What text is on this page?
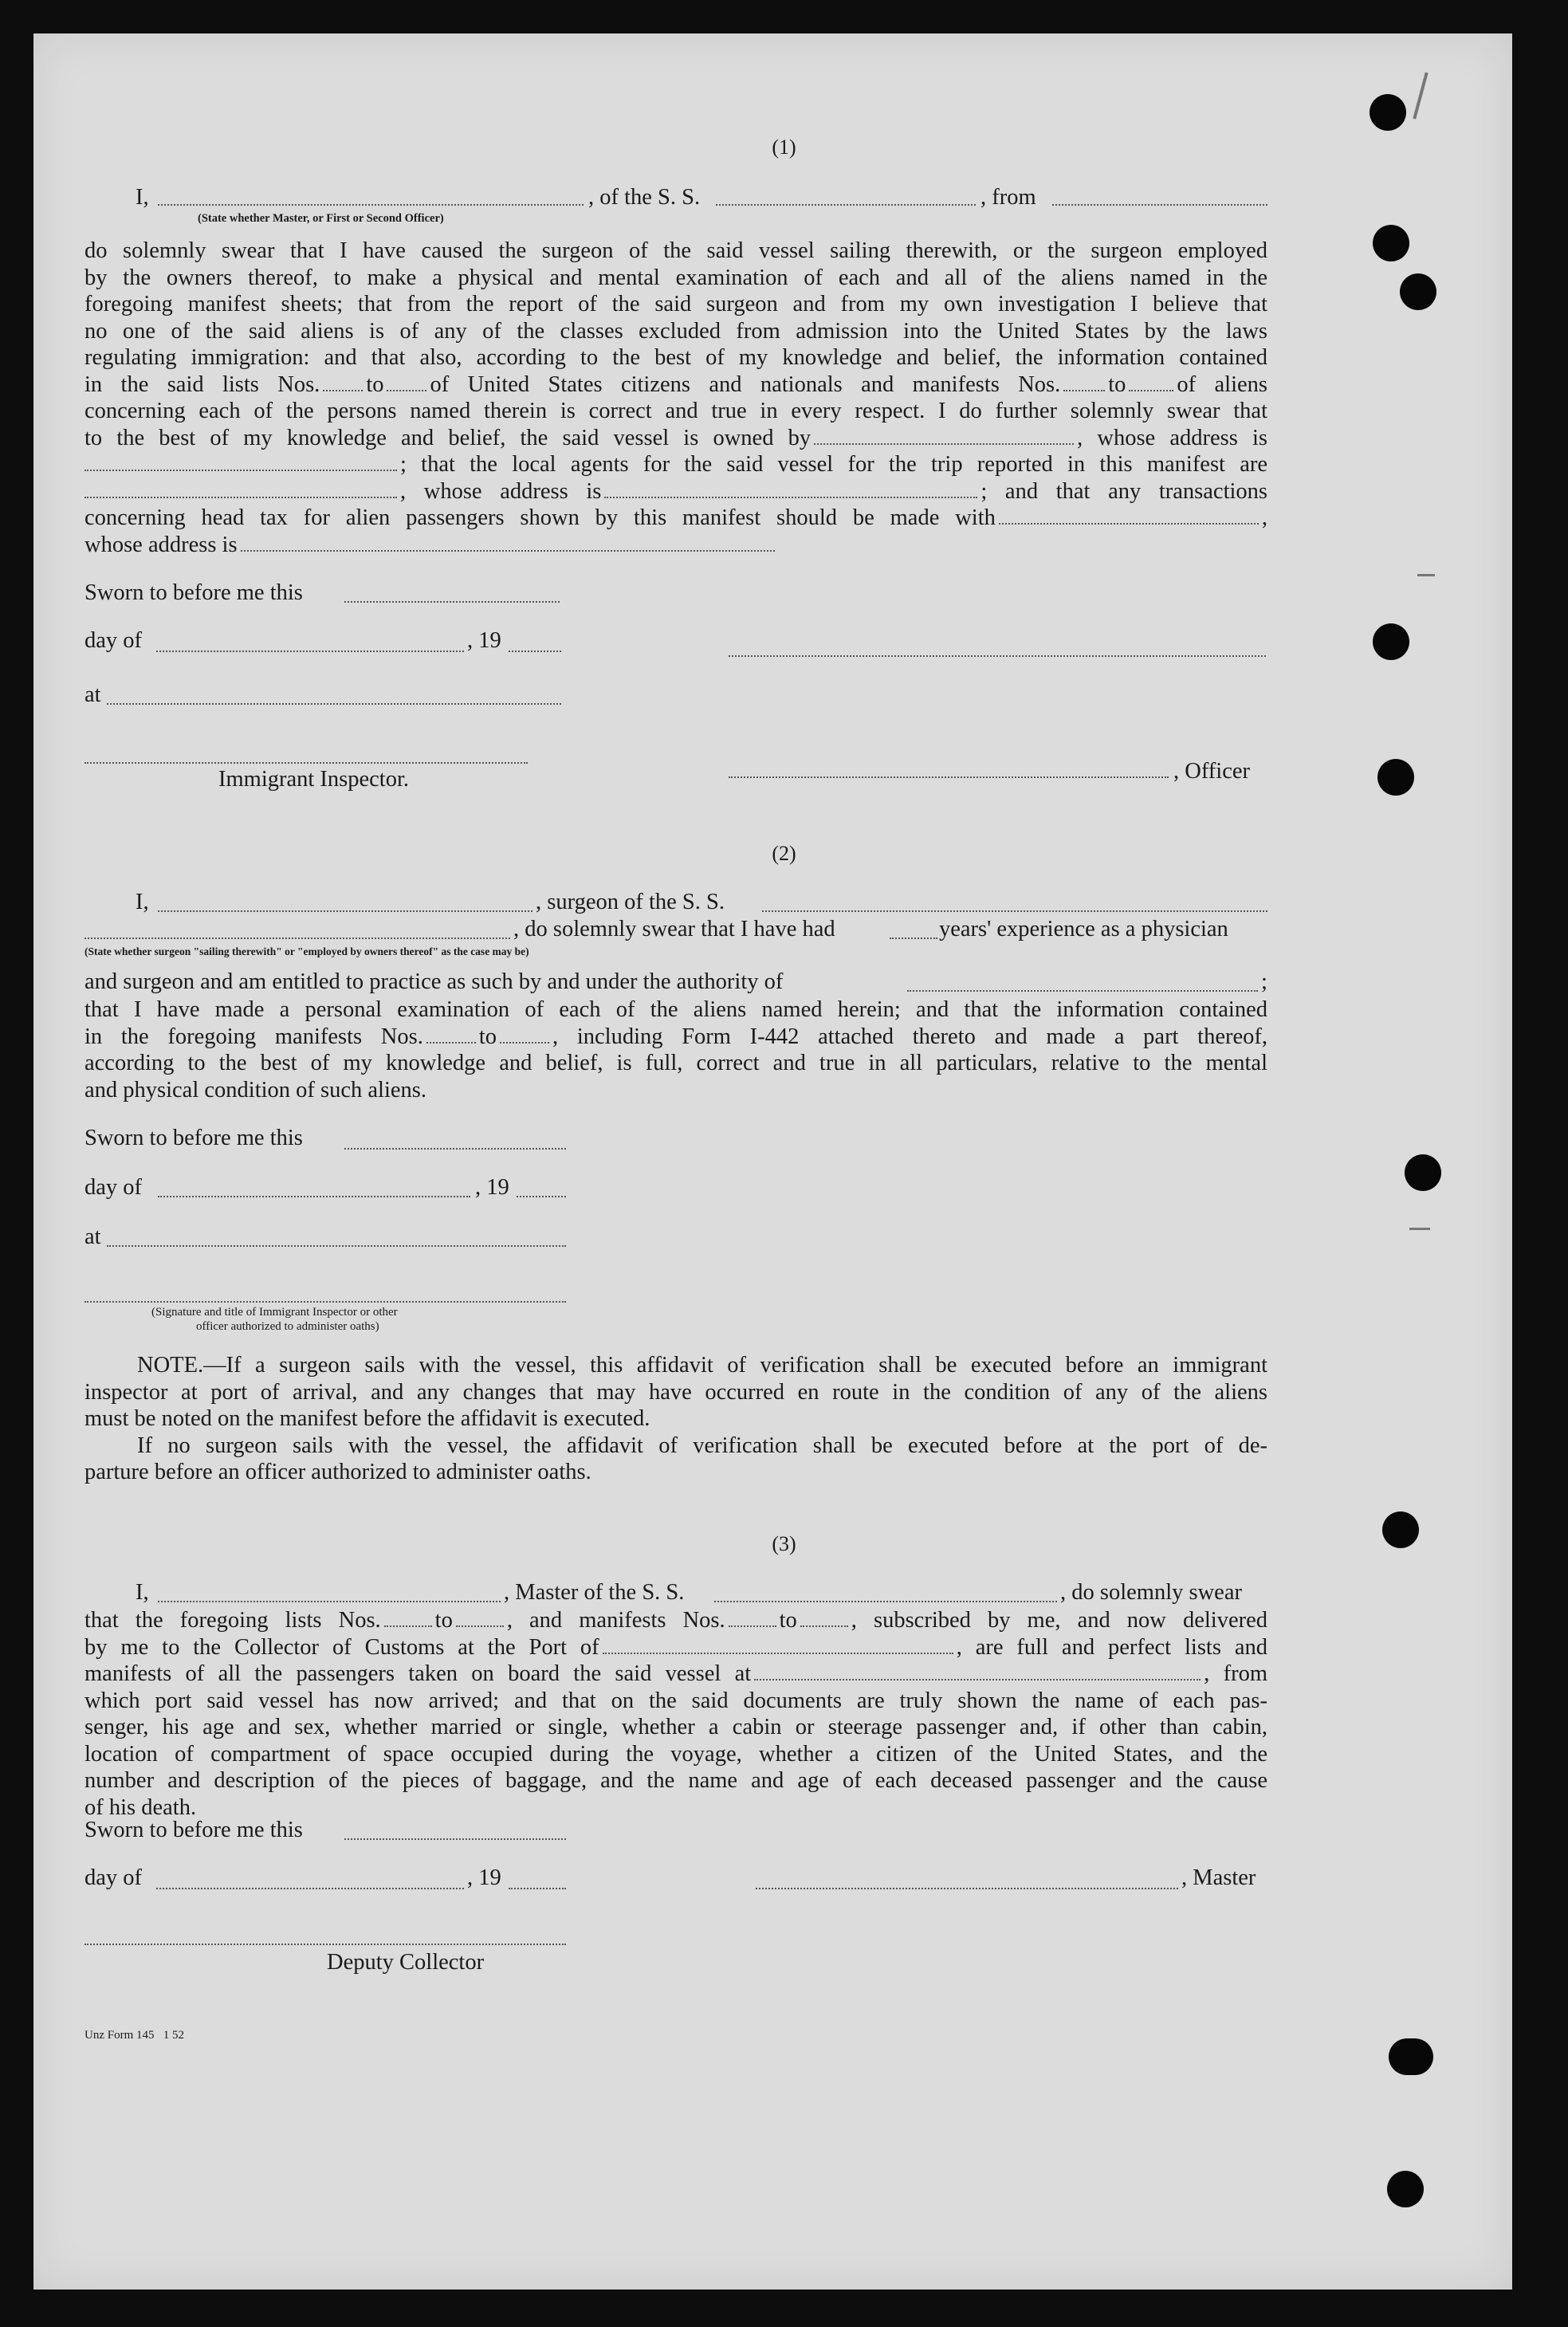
(1)
I,	, of the S. S.	, from
(State whether Master, or First or Second Officer)
do solemnly swear that I have caused the surgeon of the said vessel sailing therewith, or the surgeon employed
by the owners thereof, to make a physical and mental examination of each and all of the aliens named in the
foregoing manifest sheets; that from the report of the said surgeon and from my own investigation I believe that
no one of the said aliens is of any of the classes excluded from admission into the United States by the laws
regulating immigration: and that also, according to the best of my knowledge and belief, the information contained
in the said lists Nos. to of United States citizens and nationals and manifests Nos. to of aliens
concerning each of the persons named therein is correct and true in every respect. I do further solemnly swear that
to the best of my knowledge and belief, the said vessel is owned by	, whose address is
; that the local agents for the said vessel for the trip reported in this manifest are
, whose address is	; and that any transactions
concerning head tax for alien passengers shown by this manifest should be made with	,
whose address is
Sworn to before me this
day of	, 19
at
Immigrant Inspector.	, Officer
(2)
I,	, surgeon of the S. S.
, do solemnly swear that I have had	years' experience as a physician
(State whether surgeon "sailing therewith" or "employed by owners thereof" as the case may be)
and surgeon and am entitled to practice as such by and under the authority of	;
that I have made a personal examination of each of the aliens named herein; and that the information contained
in the foregoing manifests Nos. to , including Form I-442 attached thereto and made a part thereof,
according to the best of my knowledge and belief, is full, correct and true in all particulars, relative to the mental
and physical condition of such aliens.
Sworn to before me this
day of	, 19
at
(Signature and title of Immigrant Inspector or other
officer authorized to administer oaths)
NOTE.—If a surgeon sails with the vessel, this affidavit of verification shall be executed before an immigrant
inspector at port of arrival, and any changes that may have occurred en route in the condition of any of the aliens
must be noted on the manifest before the affidavit is executed.
If no surgeon sails with the vessel, the affidavit of verification shall be executed before at the port of de-
parture before an officer authorized to administer oaths.
(3)
I,	, Master of the S. S.	, do solemnly swear
that the foregoing lists Nos. to , and manifests Nos. to , subscribed by me, and now delivered
by me to the Collector of Customs at the Port of	, are full and perfect lists and
manifests of all the passengers taken on board the said vessel at	, from
which port said vessel has now arrived; and that on the said documents are truly shown the name of each pas-
senger, his age and sex, whether married or single, whether a cabin or steerage passenger and, if other than cabin,
location of compartment of space occupied during the voyage, whether a citizen of the United States, and the
number and description of the pieces of baggage, and the name and age of each deceased passenger and the cause
of his death.
Sworn to before me this
day of	, 19	, Master
Deputy Collector
Unz Form 145   1 52
